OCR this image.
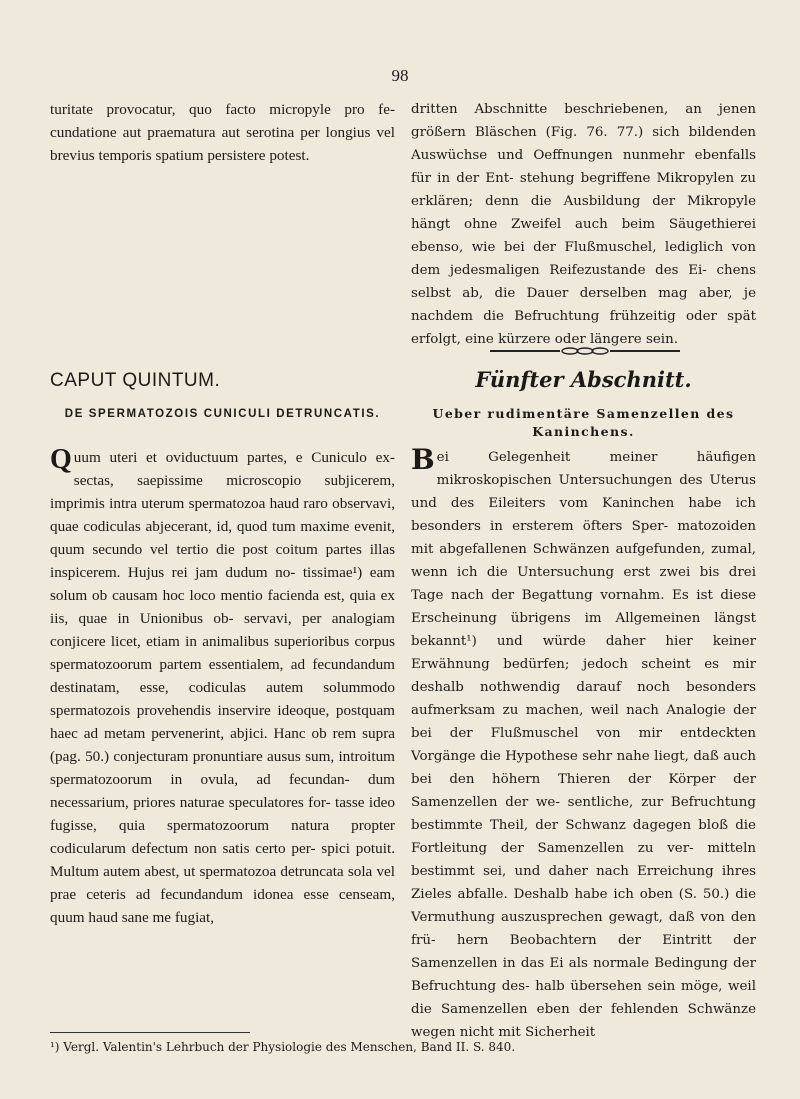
98

turitate provocatur, quo facto micropyle pro fe- cundatione aut praematura aut serotina per longius vel brevius temporis spatium persistere potest.

dritten Abschnitte beschriebenen, an jenen größern Bläschen (Fig. 76. 77.) sich bildenden Auswüchse und Oeffnungen nunmehr ebenfalls für in der Ent- stehung begriffene Mikropylen zu erklären; denn die Ausbildung der Mikropyle hängt ohne Zweifel auch beim Säugethierei ebenso, wie bei der Flußmuschel, lediglich von dem jedesmaligen Reifezustande des Ei- chens selbst ab, die Dauer derselben mag aber, je nachdem die Befruchtung frühzeitig oder spät erfolgt, eine kürzere oder längere sein.

CAPUT QUINTUM.	Fünfter Abschnitt.
DE SPERMATOZOIS CUNICULI DETRUNCATIS.	Ueber rudimentäre Samenzellen des Kaninchens.

Quum uteri et oviductuum partes, e Cuniculo ex- sectas, saepissime microscopio subjicerem, imprimis intra uterum spermatozoa haud raro observavi, quae codiculas abjecerant, id, quod tum maxime evenit, quum secundo vel tertio die post coitum partes illas inspicerem. Hujus rei jam dudum no- tissimae¹) eam solum ob causam hoc loco mentio facienda est, quia ex iis, quae in Unionibus ob- servavi, per analogiam conjicere licet, etiam in animalibus superioribus corpus spermatozoorum partem essentialem, ad fecundandum destinatam, esse, codiculas autem solummodo spermatozois provehendis inservire ideoque, postquam haec ad metam pervenerint, abjici. Hanc ob rem supra (pag. 50.) conjecturam pronuntiare ausus sum, introitum spermatozoorum in ovula, ad fecundan- dum necessarium, priores naturae speculatores for- tasse ideo fugisse, quia spermatozoorum natura propter codicularum defectum non satis certo per- spici potuit. Multum autem abest, ut spermatozoa detruncata sola vel prae ceteris ad fecundandum idonea esse censeam, quum haud sane me fugiat,

Bei Gelegenheit meiner häufigen mikroskopischen Untersuchungen des Uterus und des Eileiters vom Kaninchen habe ich besonders in ersterem öfters Sper- matozoiden mit abgefallenen Schwänzen aufgefunden, zumal, wenn ich die Untersuchung erst zwei bis drei Tage nach der Begattung vornahm. Es ist diese Erscheinung übrigens im Allgemeinen längst bekannt¹) und würde daher hier keiner Erwähnung bedürfen; jedoch scheint es mir deshalb nothwendig darauf noch besonders aufmerksam zu machen, weil nach Analogie der bei der Flußmuschel von mir entdeckten Vorgänge die Hypothese sehr nahe liegt, daß auch bei den höhern Thieren der Körper der Samenzellen der we- sentliche, zur Befruchtung bestimmte Theil, der Schwanz dagegen bloß die Fortleitung der Samenzellen zu ver- mitteln bestimmt sei, und daher nach Erreichung ihres Zieles abfalle. Deshalb habe ich oben (S. 50.) die Vermuthung auszusprechen gewagt, daß von den frü- hern Beobachtern der Eintritt der Samenzellen in das Ei als normale Bedingung der Befruchtung des- halb übersehen sein möge, weil die Samenzellen eben der fehlenden Schwänze wegen nicht mit Sicherheit

¹) Vergl. Valentin's Lehrbuch der Physiologie des Menschen, Band II. S. 840.
